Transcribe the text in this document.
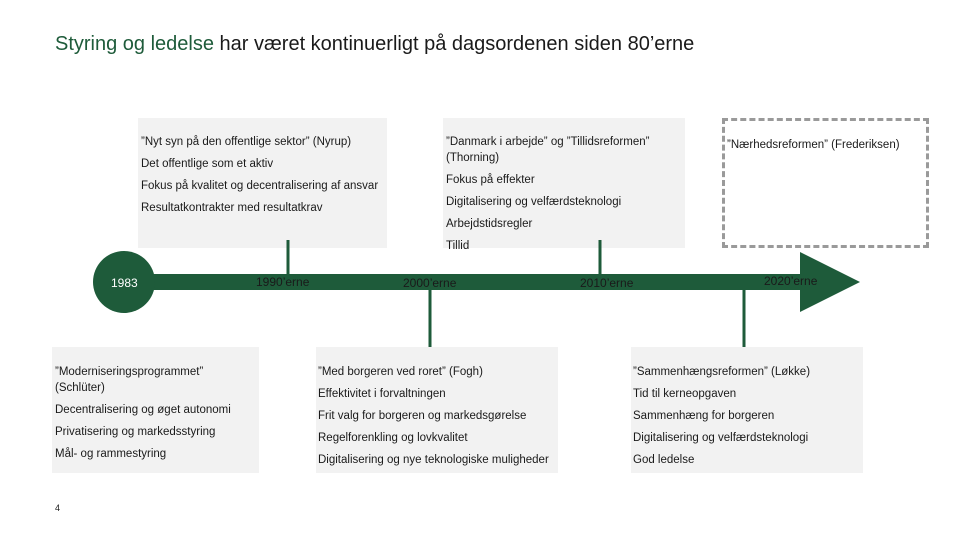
Styring og ledelse har været kontinuerligt på dagsordenen siden 80’erne
”Nyt syn på den offentlige sektor” (Nyrup)
Det offentlige som et aktiv
Fokus på kvalitet og decentralisering af ansvar
Resultatkontrakter med resultatkrav
”Danmark i arbejde” og ”Tillidsreformen”
(Thorning)
Fokus på effekter
Digitalisering og velfærdsteknologi
Arbejdstidsregler
Tillid
”Nærhedsreformen” (Frederiksen)
1983	1990’erne	2000’erne	2010’erne	2020’erne
”Moderniseringsprogrammet”
(Schlüter)
Decentralisering og øget autonomi
Privatisering og markedsstyring
Mål- og rammestyring
”Med borgeren ved roret” (Fogh)
Effektivitet i forvaltningen
Frit valg for borgeren og markedsgørelse
Regelforenkling og lovkvalitet
Digitalisering og nye teknologiske muligheder
”Sammenhængsreformen” (Løkke)
Tid til kerneopgaven
Sammenhæng for borgeren
Digitalisering og velfærdsteknologi
God ledelse
4
